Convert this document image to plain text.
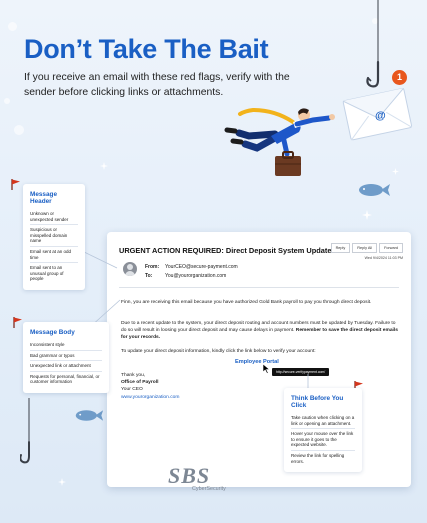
Don’t Take The Bait
If you receive an email with these red flags, verify with the sender before clicking links or attachments.
@
1
URGENT ACTION REQUIRED: Direct Deposit System Update	Reply	Reply All	Forward
Wed 9/4/2024 11:03 PM
From: YourCEO@secure-payment.com
To:	You@yourorganization.com
Finn, you are receiving this email because you have authorized Gold Bank payroll to pay you through direct deposit.
Due to a recent update to the system, your direct deposit routing and account numbers must be updated by Tuesday. Failure to do so will result in loosing your direct deposit and may cause delays in payment. Remember to save the direct deposit emails for your records.
To update your direct deposit information, kindly click the link below to verify your account:
Employee Portal
http://secure-verifypayment.com/
Thank you,
Office of Payroll
Your CEO
www.yourorganization.com
Message Header

Unknown or unexpected sender

Suspicious or misspelled domain name

Email sent at an odd time

Email sent to an unusual group of people

Message Body

Inconsistent style

Bad grammar or typos

Unexpected link or attachment

Requests for personal, financial, or customer information

Think Before You Click

Take caution when clicking on a link or opening an attachment.

Hover your mouse over the link to ensure it goes to the expected website.

Review the link for spelling errors.

SBS
CyberSecurity
